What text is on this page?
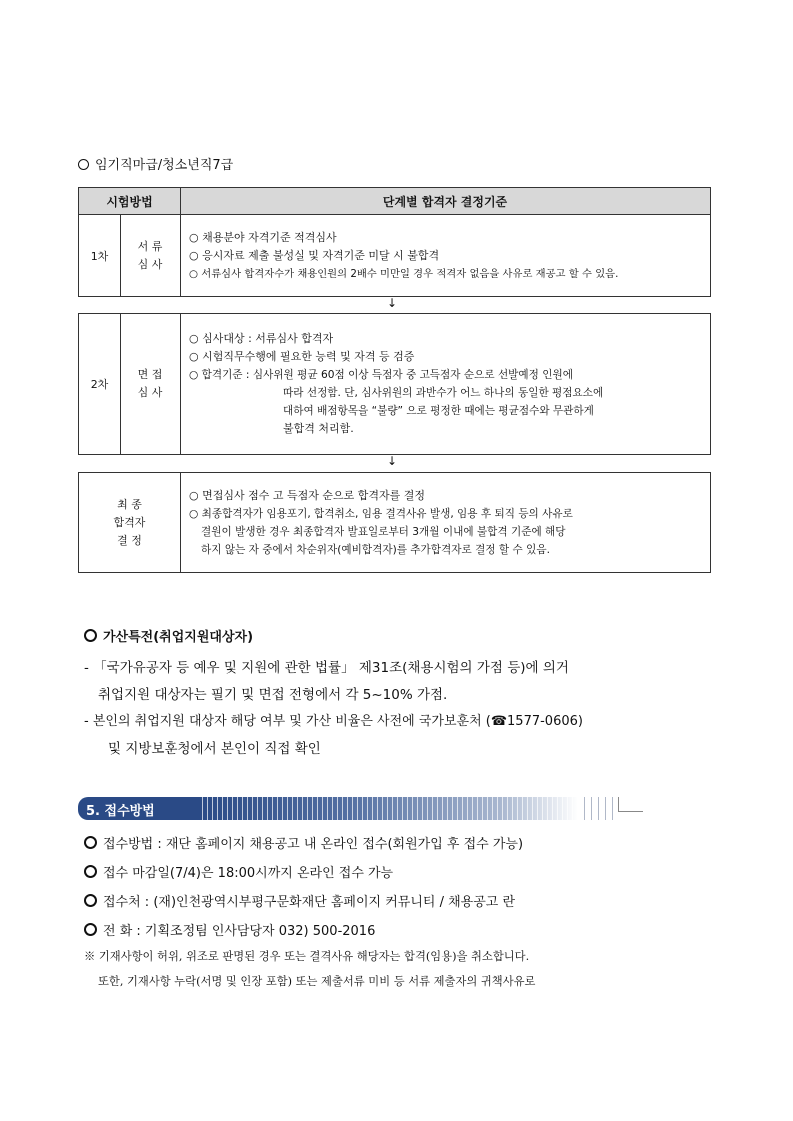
임기직마급/청소년직7급
시험방법	단계별 합격자 결정기준
1차
서 류
심 사
○ 채용분야 자격기준 적격심사
○ 응시자료 제출 불성실 및 자격기준 미달 시 불합격
○ 서류심사 합격자수가 채용인원의 2배수 미만일 경우 적격자 없음을 사유로 재공고 할 수 있음.
↓
2차
면 접
심 사
○ 심사대상 : 서류심사 합격자
○ 시험직무수행에 필요한 능력 및 자격 등 검증
○ 합격기준 : 심사위원 평균 60점 이상 득점자 중 고득점자 순으로 선발예정 인원에
따라 선정함. 단, 심사위원의 과반수가 어느 하나의 동일한 평점요소에
대하여 배점항목을 “불량” 으로 평정한 때에는 평균점수와 무관하게
불합격 처리함.
↓
최 종
합격자
결 정
○ 면접심사 점수 고 득점자 순으로 합격자를 결정
○ 최종합격자가 임용포기, 합격취소, 임용 결격사유 발생, 임용 후 퇴직 등의 사유로
결원이 발생한 경우 최종합격자 발표일로부터 3개월 이내에 불합격 기준에 해당
하지 않는 자 중에서 차순위자(예비합격자)를 추가합격자로 결정 할 수 있음.
가산특전(취업지원대상자)
- 「국가유공자 등 예우 및 지원에 관한 법률」 제31조(채용시험의 가점 등)에 의거
취업지원 대상자는 필기 및 면접 전형에서 각 5~10% 가점.
- 본인의 취업지원 대상자 해당 여부 및 가산 비율은 사전에 국가보훈처 (☎1577-0606)
및 지방보훈청에서 본인이 직접 확인
5. 접수방법
접수방법 : 재단 홈페이지 채용공고 내 온라인 접수(회원가입 후 접수 가능)
접수 마감일(7/4)은 18:00시까지 온라인 접수 가능
접수처 : (재)인천광역시부평구문화재단 홈페이지 커뮤니티 / 채용공고 란
전 화 : 기획조정팀 인사담당자 032) 500-2016
※ 기재사항이 허위, 위조로 판명된 경우 또는 결격사유 해당자는 합격(임용)을 취소합니다.
또한, 기재사항 누락(서명 및 인장 포함) 또는 제출서류 미비 등 서류 제출자의 귀책사유로
